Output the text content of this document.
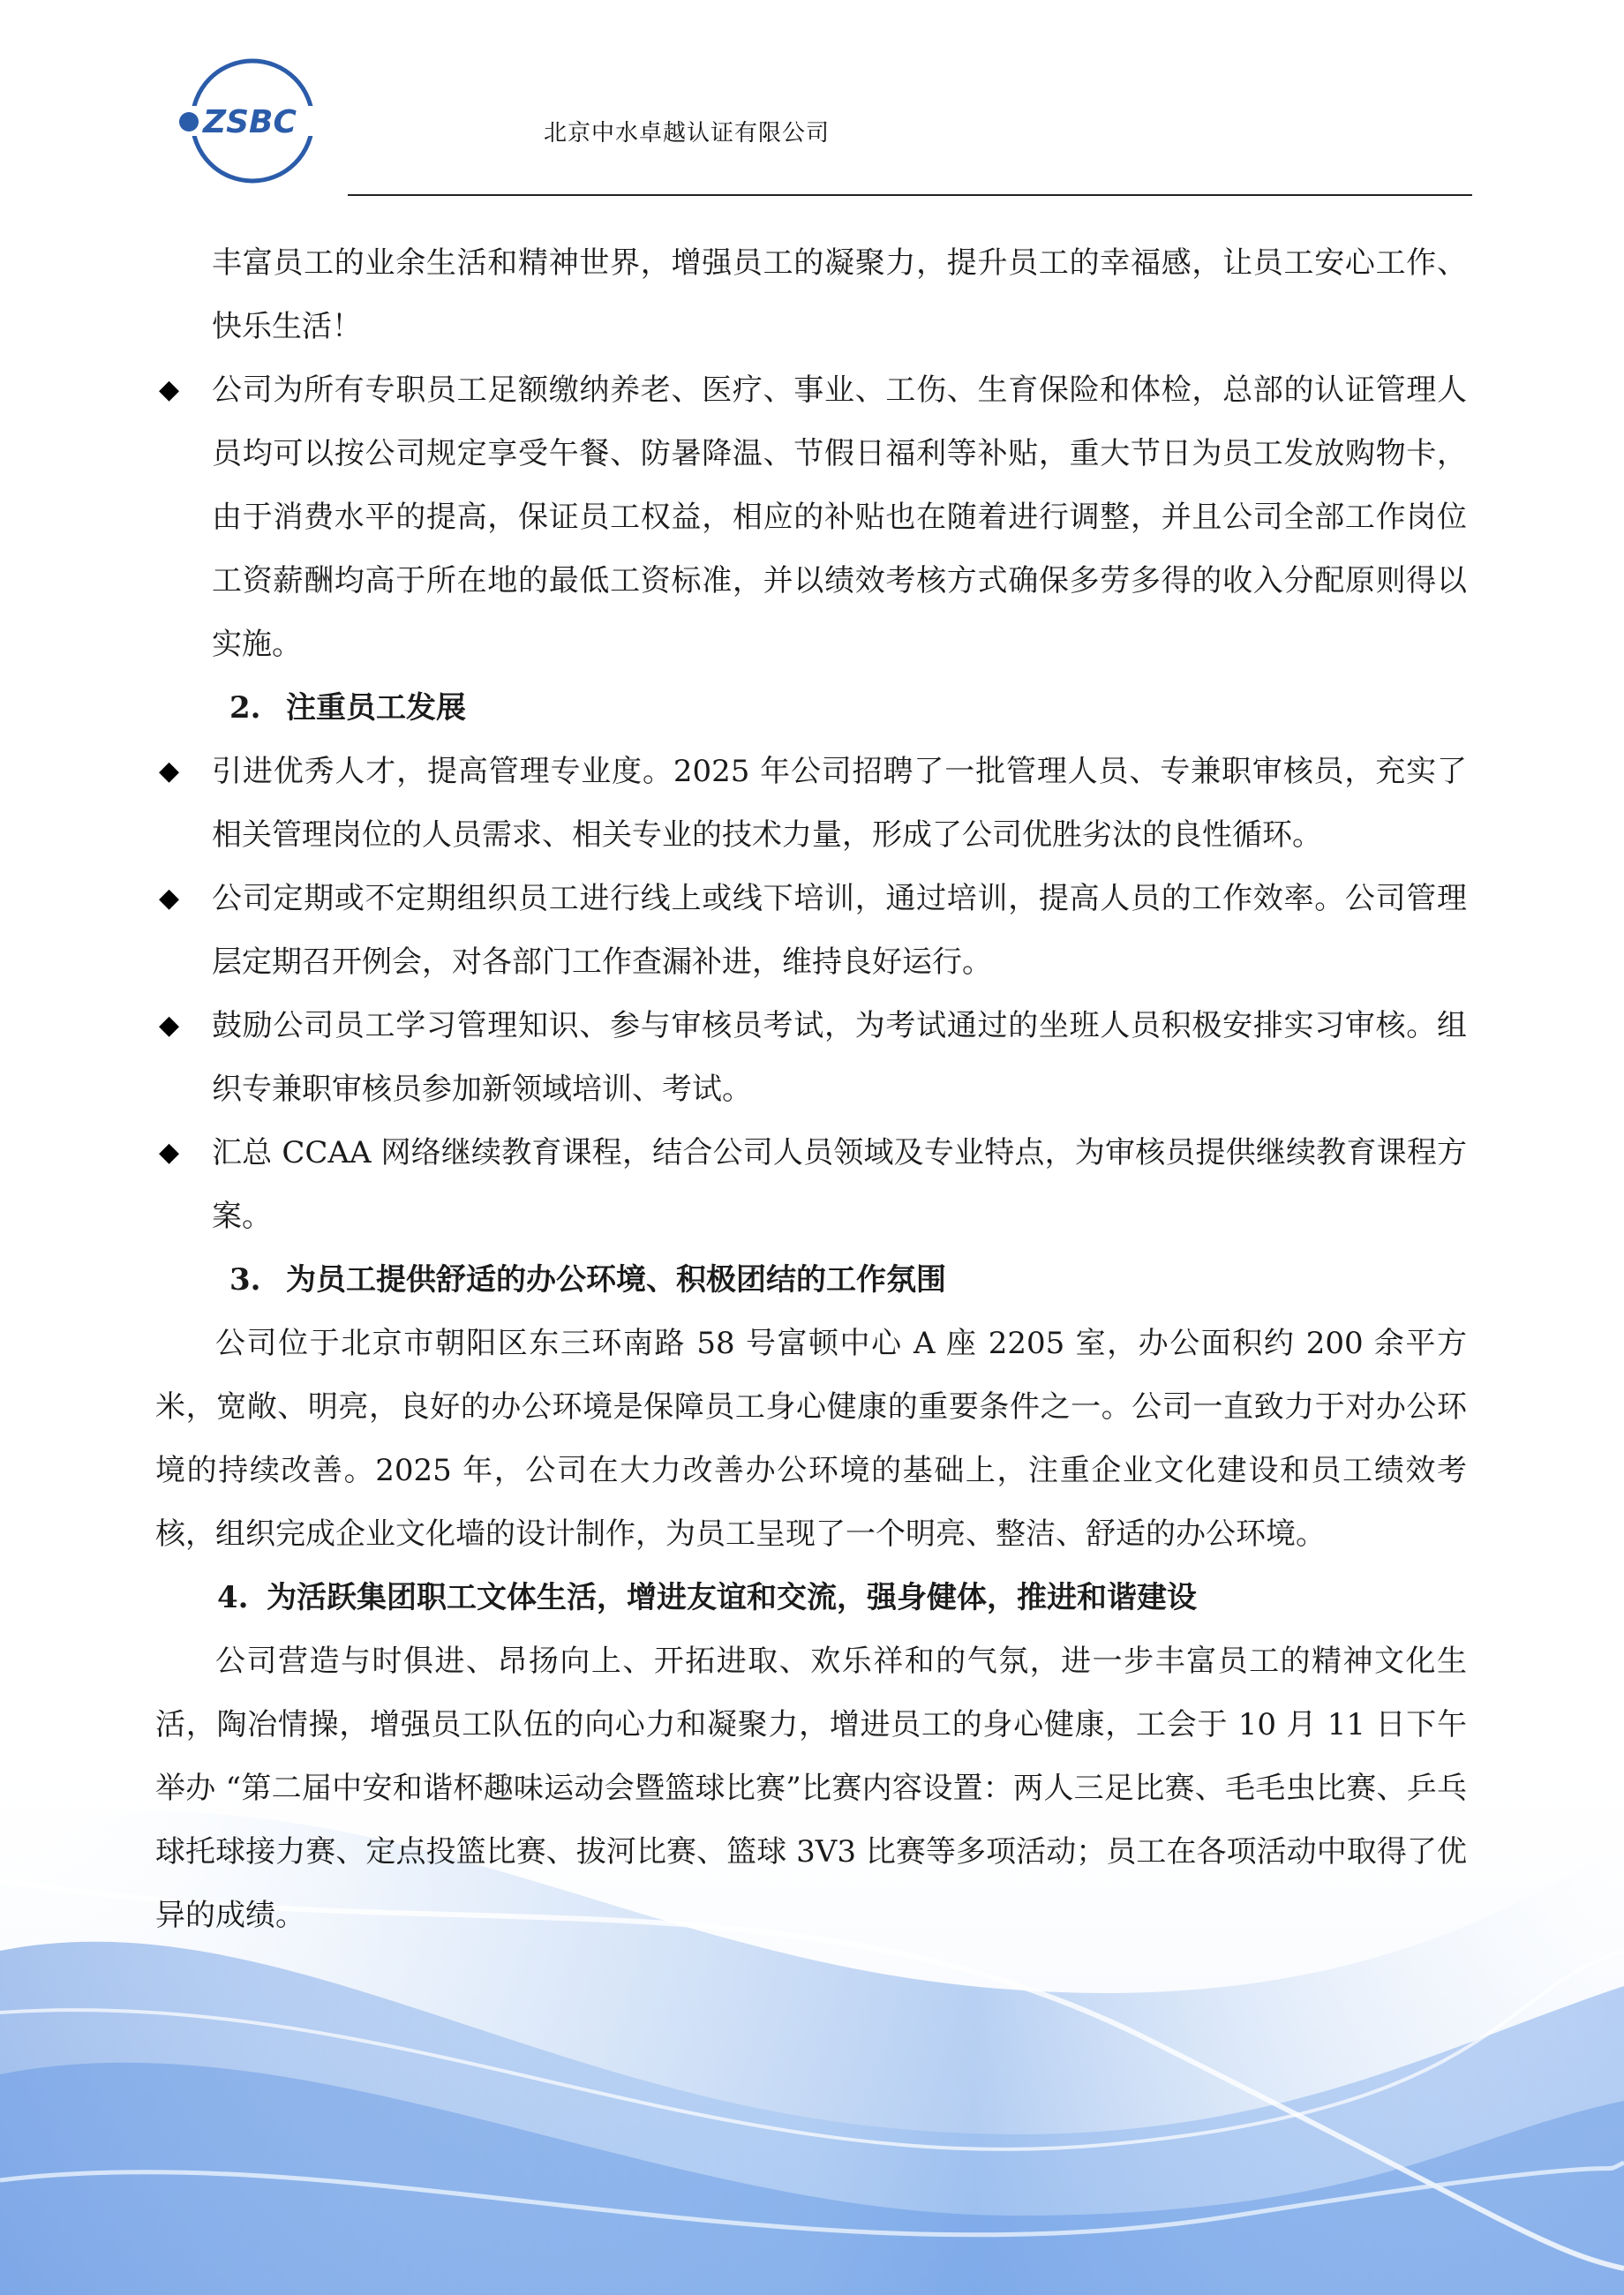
ZSBC	北京中水卓越认证有限公司

丰富员工的业余生活和精神世界，增强员工的凝聚力，提升员工的幸福感，让员工安心工作、快乐生活！

◆ 公司为所有专职员工足额缴纳养老、医疗、事业、工伤、生育保险和体检，总部的认证管理人员均可以按公司规定享受午餐、防暑降温、节假日福利等补贴，重大节日为员工发放购物卡，由于消费水平的提高，保证员工权益，相应的补贴也在随着进行调整，并且公司全部工作岗位工资薪酬均高于所在地的最低工资标准，并以绩效考核方式确保多劳多得的收入分配原则得以实施。

2. 注重员工发展

◆ 引进优秀人才，提高管理专业度。2025 年公司招聘了一批管理人员、专兼职审核员，充实了相关管理岗位的人员需求、相关专业的技术力量，形成了公司优胜劣汰的良性循环。
◆ 公司定期或不定期组织员工进行线上或线下培训，通过培训，提高人员的工作效率。公司管理层定期召开例会，对各部门工作查漏补进，维持良好运行。
◆ 鼓励公司员工学习管理知识、参与审核员考试，为考试通过的坐班人员积极安排实习审核。组织专兼职审核员参加新领域培训、考试。
◆ 汇总 CCAA 网络继续教育课程，结合公司人员领域及专业特点，为审核员提供继续教育课程方案。

3. 为员工提供舒适的办公环境、积极团结的工作氛围

公司位于北京市朝阳区东三环南路 58 号富顿中心 A 座 2205 室，办公面积约 200 余平方米，宽敞、明亮，良好的办公环境是保障员工身心健康的重要条件之一。公司一直致力于对办公环境的持续改善。2025 年，公司在大力改善办公环境的基础上，注重企业文化建设和员工绩效考核，组织完成企业文化墙的设计制作，为员工呈现了一个明亮、整洁、舒适的办公环境。

4. 为活跃集团职工文体生活，增进友谊和交流，强身健体，推进和谐建设

公司营造与时俱进、昂扬向上、开拓进取、欢乐祥和的气氛，进一步丰富员工的精神文化生活，陶冶情操，增强员工队伍的向心力和凝聚力，增进员工的身心健康，工会于 10 月 11 日下午举办 “第二届中安和谐杯趣味运动会暨篮球比赛”比赛内容设置：两人三足比赛、毛毛虫比赛、乒乓球托球接力赛、定点投篮比赛、拔河比赛、篮球 3V3 比赛等多项活动；员工在各项活动中取得了优异的成绩。
